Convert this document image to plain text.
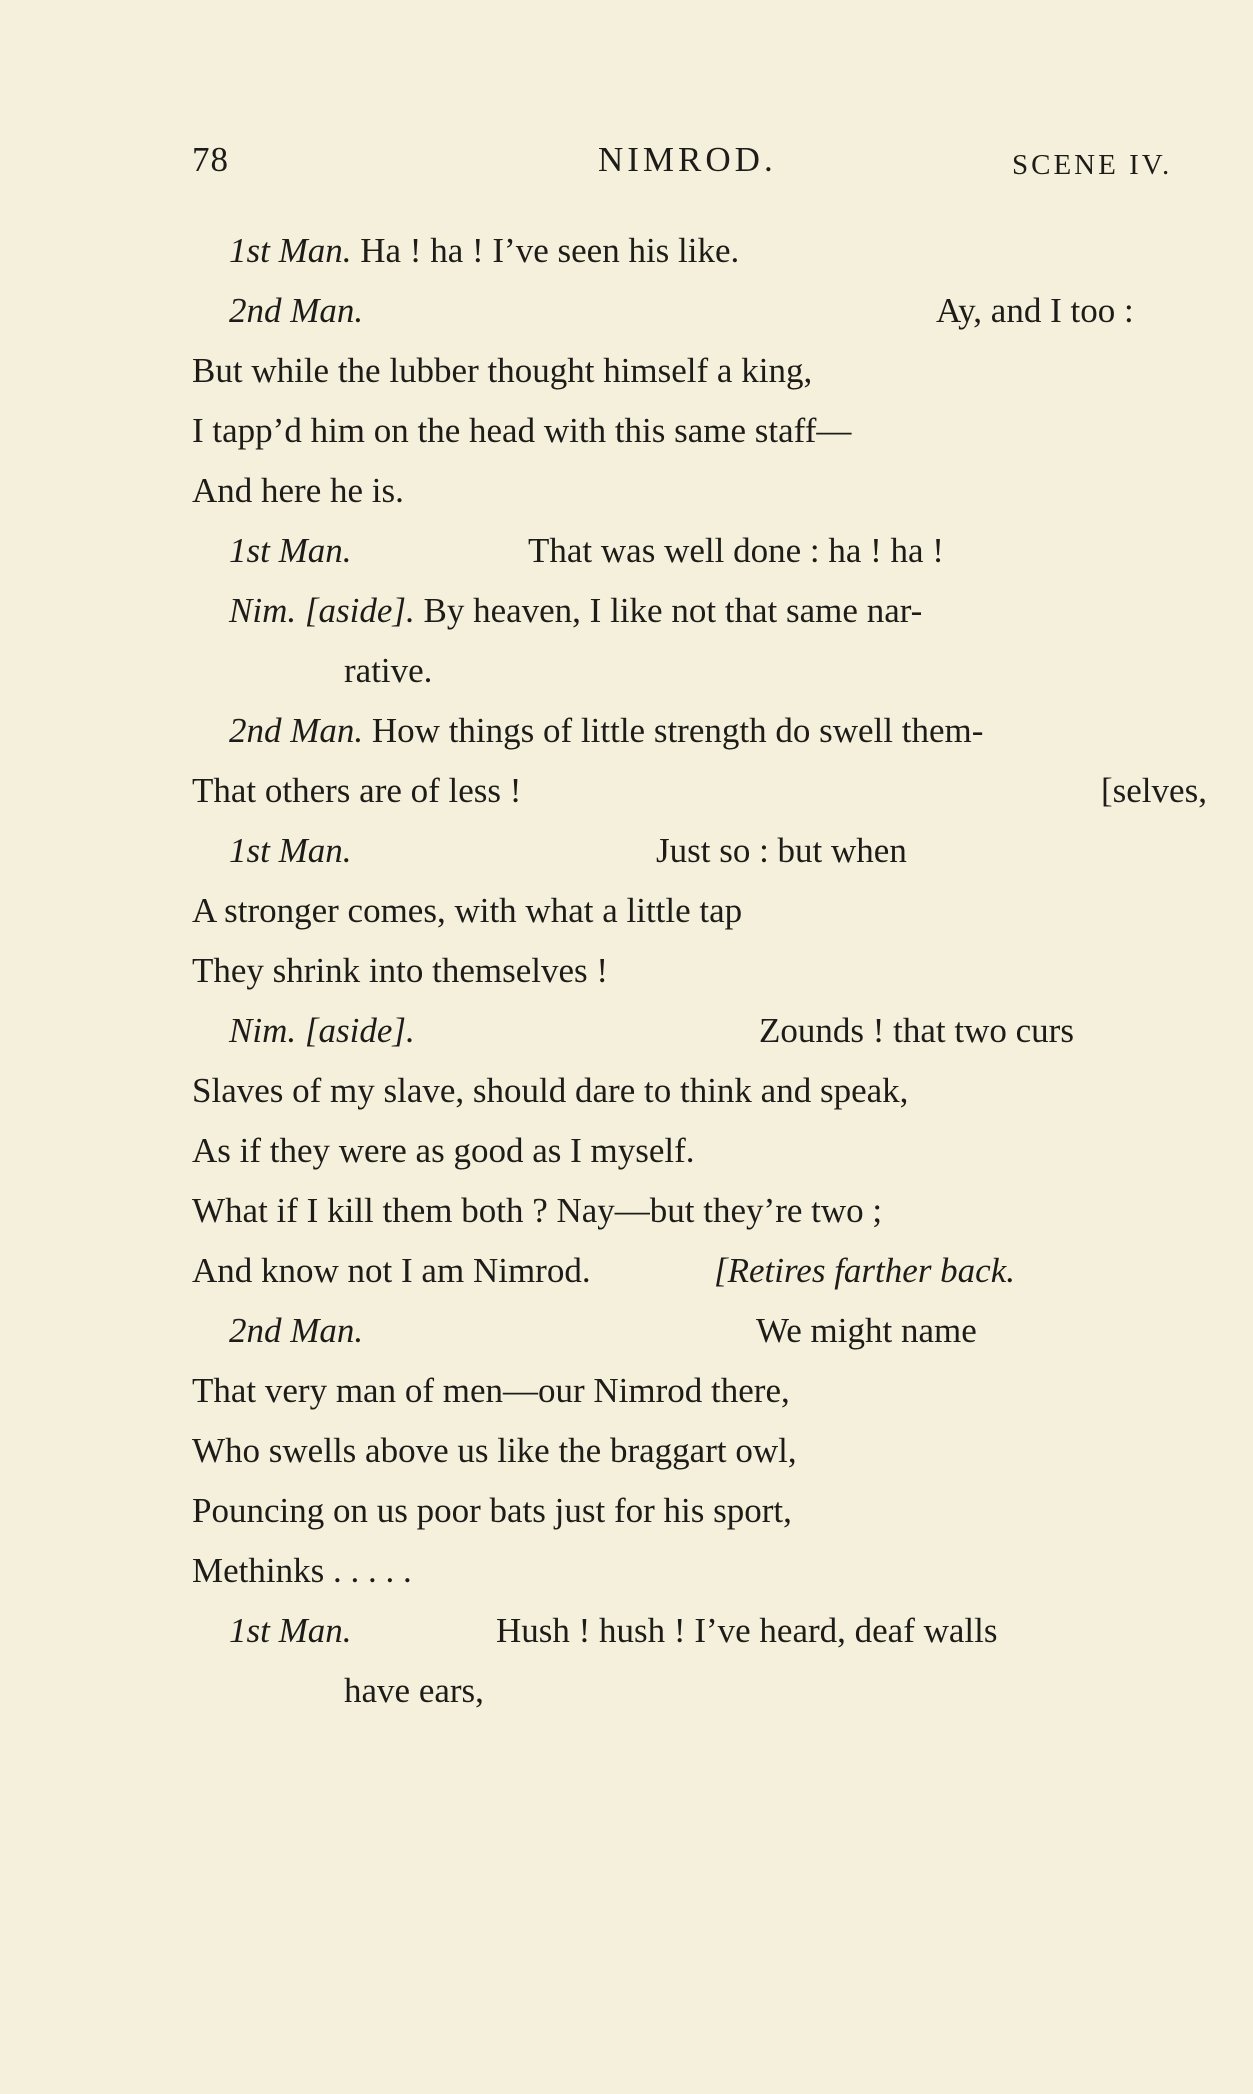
78	NIMROD.	SCENE IV.
1st Man. Ha ! ha ! I’ve seen his like.
2nd Man.	Ay, and I too :
But while the lubber thought himself a king,
I tapp’d him on the head with this same staff—
And here he is.
1st Man.	That was well done : ha ! ha !
Nim. [aside]. By heaven, I like not that same nar-
rative.
2nd Man. How things of little strength do swell them-
That others are of less !	[selves,
1st Man.	Just so : but when
A stronger comes, with what a little tap
They shrink into themselves !
Nim. [aside].	Zounds ! that two curs
Slaves of my slave, should dare to think and speak,
As if they were as good as I myself.
What if I kill them both ? Nay—but they’re two ;
And know not I am Nimrod.	[Retires farther back.
2nd Man.	We might name
That very man of men—our Nimrod there,
Who swells above us like the braggart owl,
Pouncing on us poor bats just for his sport,
Methinks . . . . .
1st Man.	Hush ! hush ! I’ve heard, deaf walls
have ears,
